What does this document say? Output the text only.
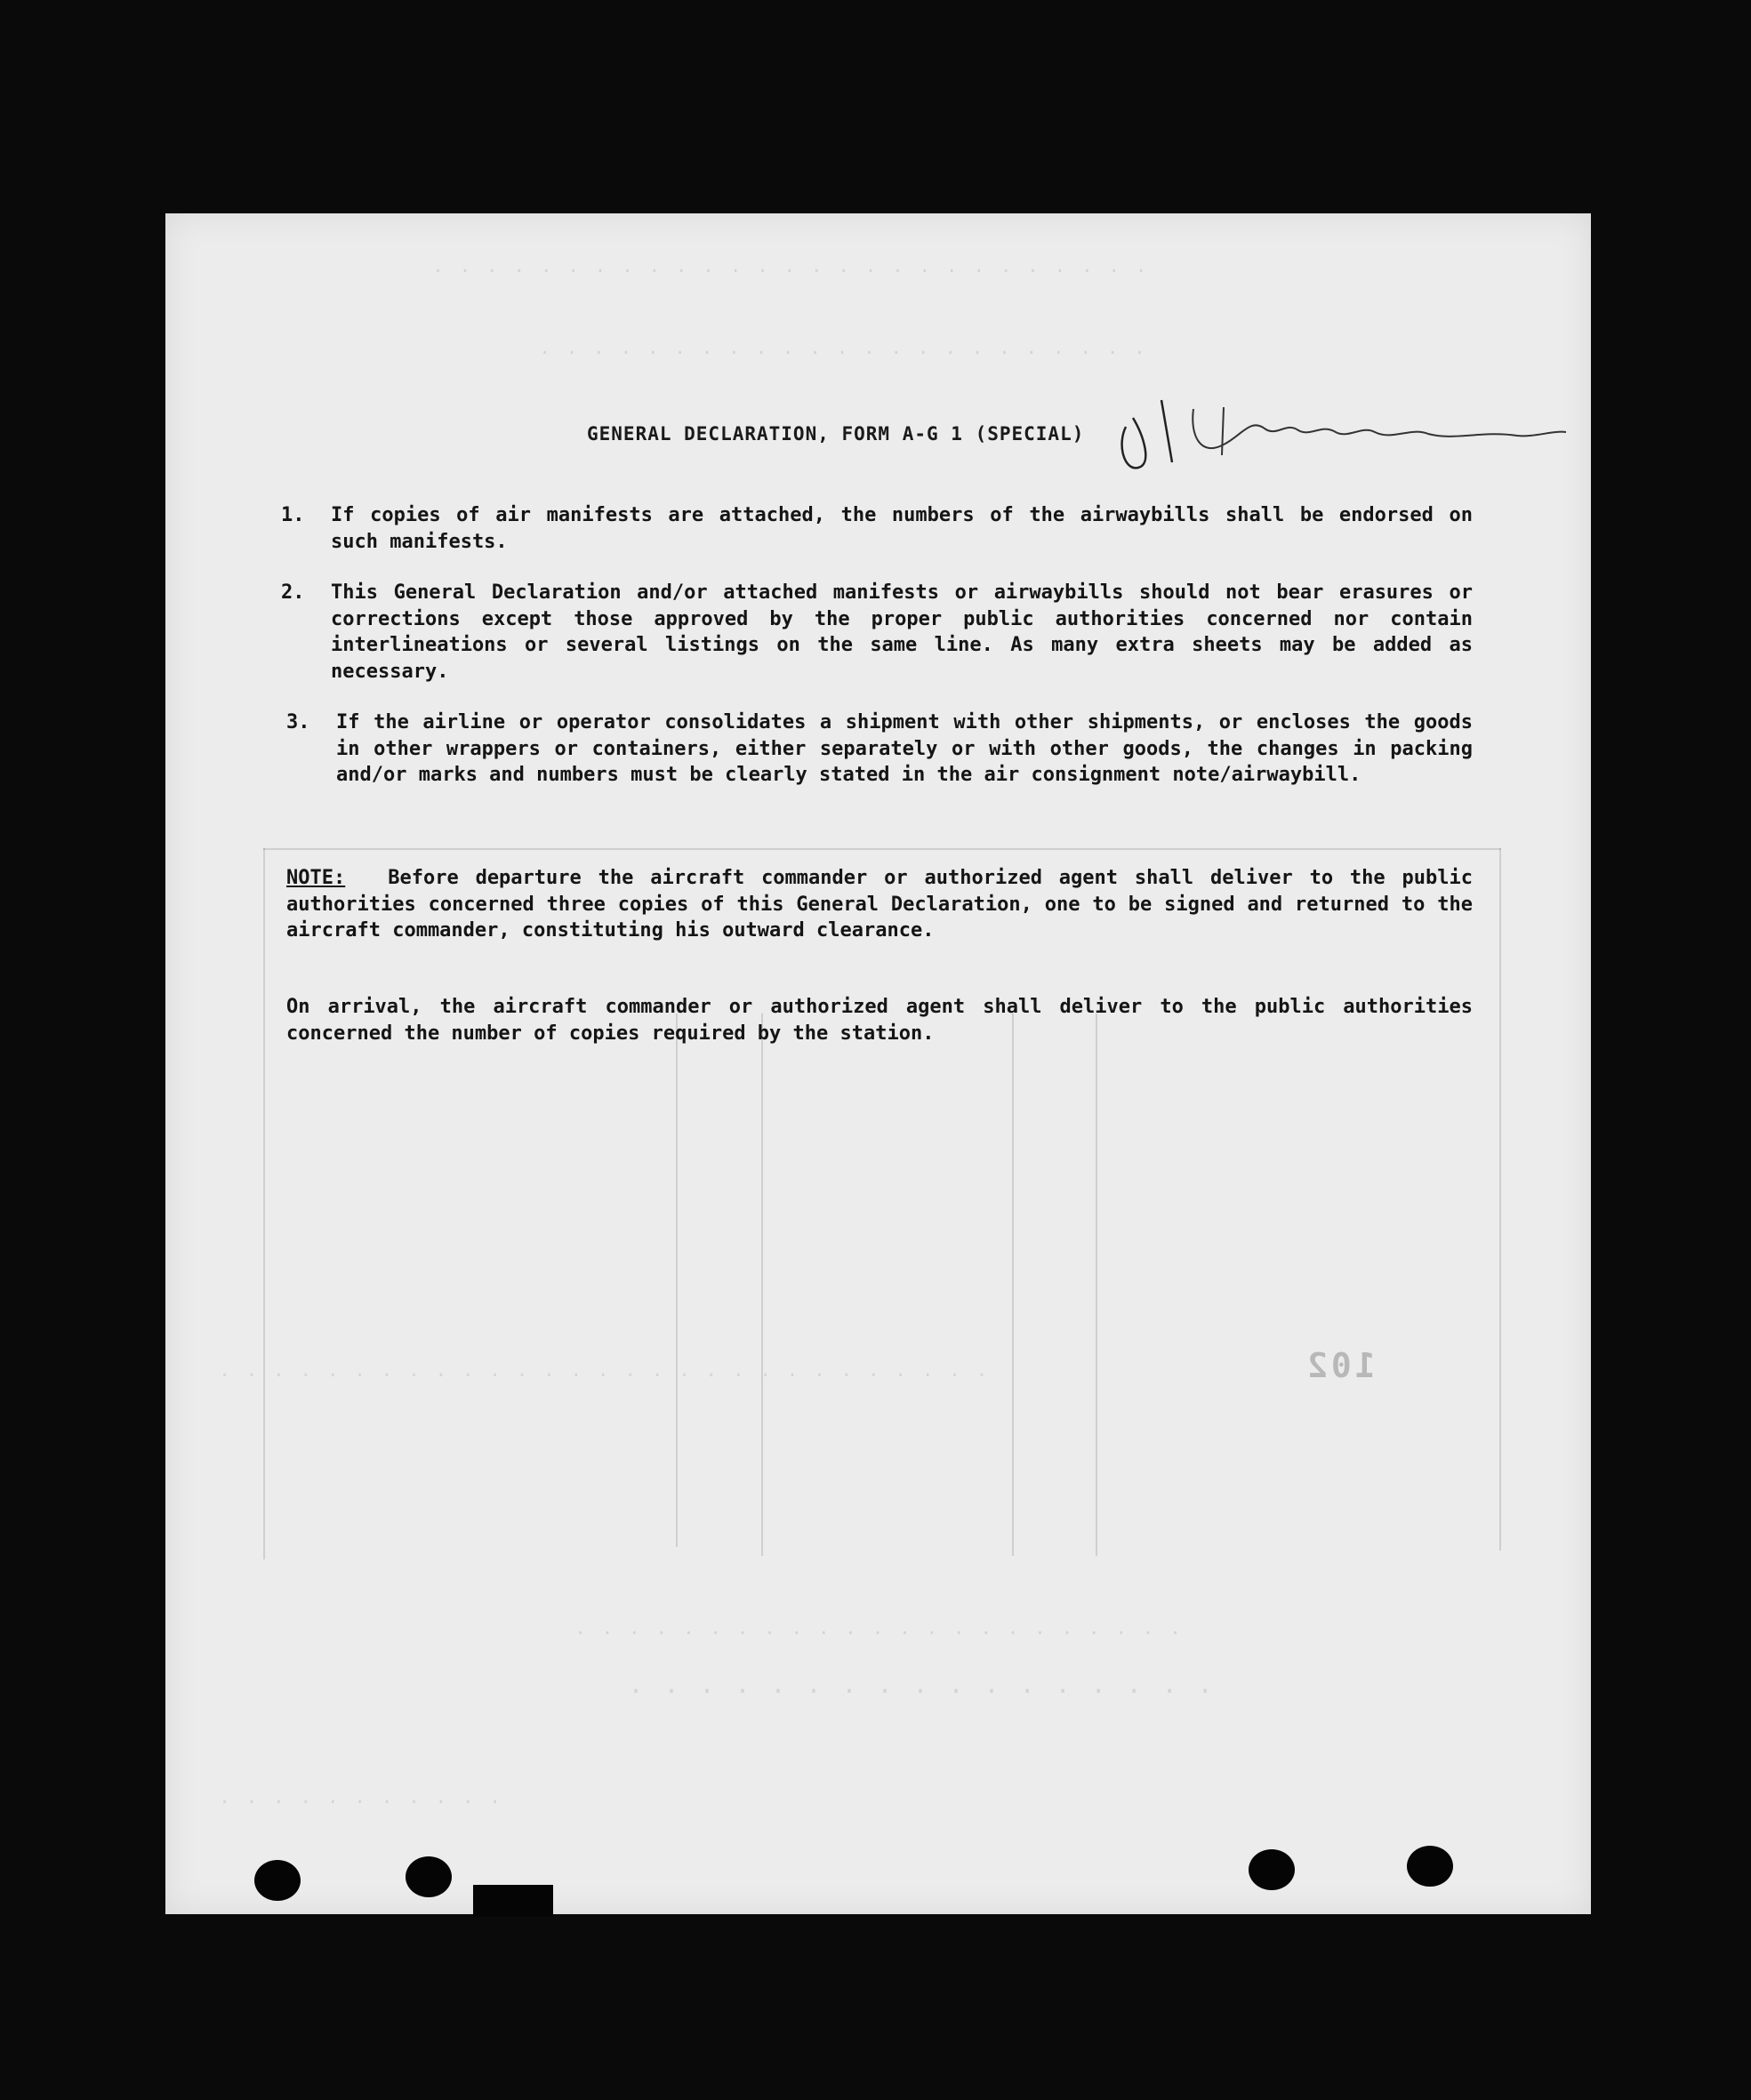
. . . . . . . . . . . . . . . . . . . . . . . . . . .
. . . . . . . . . . . . . . . . . . . . . . .
. . . . . . . . . . . . . . . . . . . . . . . . . . . . .
. . . . . . . . . . . . . . . . . . . . . . .
. . . . . . . . . . . . . . . . .
. . . . . . . . . . .
102
GENERAL DECLARATION, FORM A-G 1 (SPECIAL)
1. If copies of air manifests are attached, the numbers of the airwaybills shall be endorsed on such manifests.
2. This General Declaration and/or attached manifests or airwaybills should not bear erasures or corrections except those approved by the proper public authorities concerned nor contain interlineations or several listings on the same line. As many extra sheets may be added as necessary.
3. If the airline or operator consolidates a shipment with other shipments, or encloses the goods in other wrappers or containers, either separately or with other goods, the changes in packing and/or marks and numbers must be clearly stated in the air consignment note/airwaybill.
NOTE: Before departure the aircraft commander or authorized agent shall deliver to the public authorities concerned three copies of this General Declaration, one to be signed and returned to the aircraft commander, constituting his outward clearance.
On arrival, the aircraft commander or authorized agent shall deliver to the public authorities concerned the number of copies required by the station.
